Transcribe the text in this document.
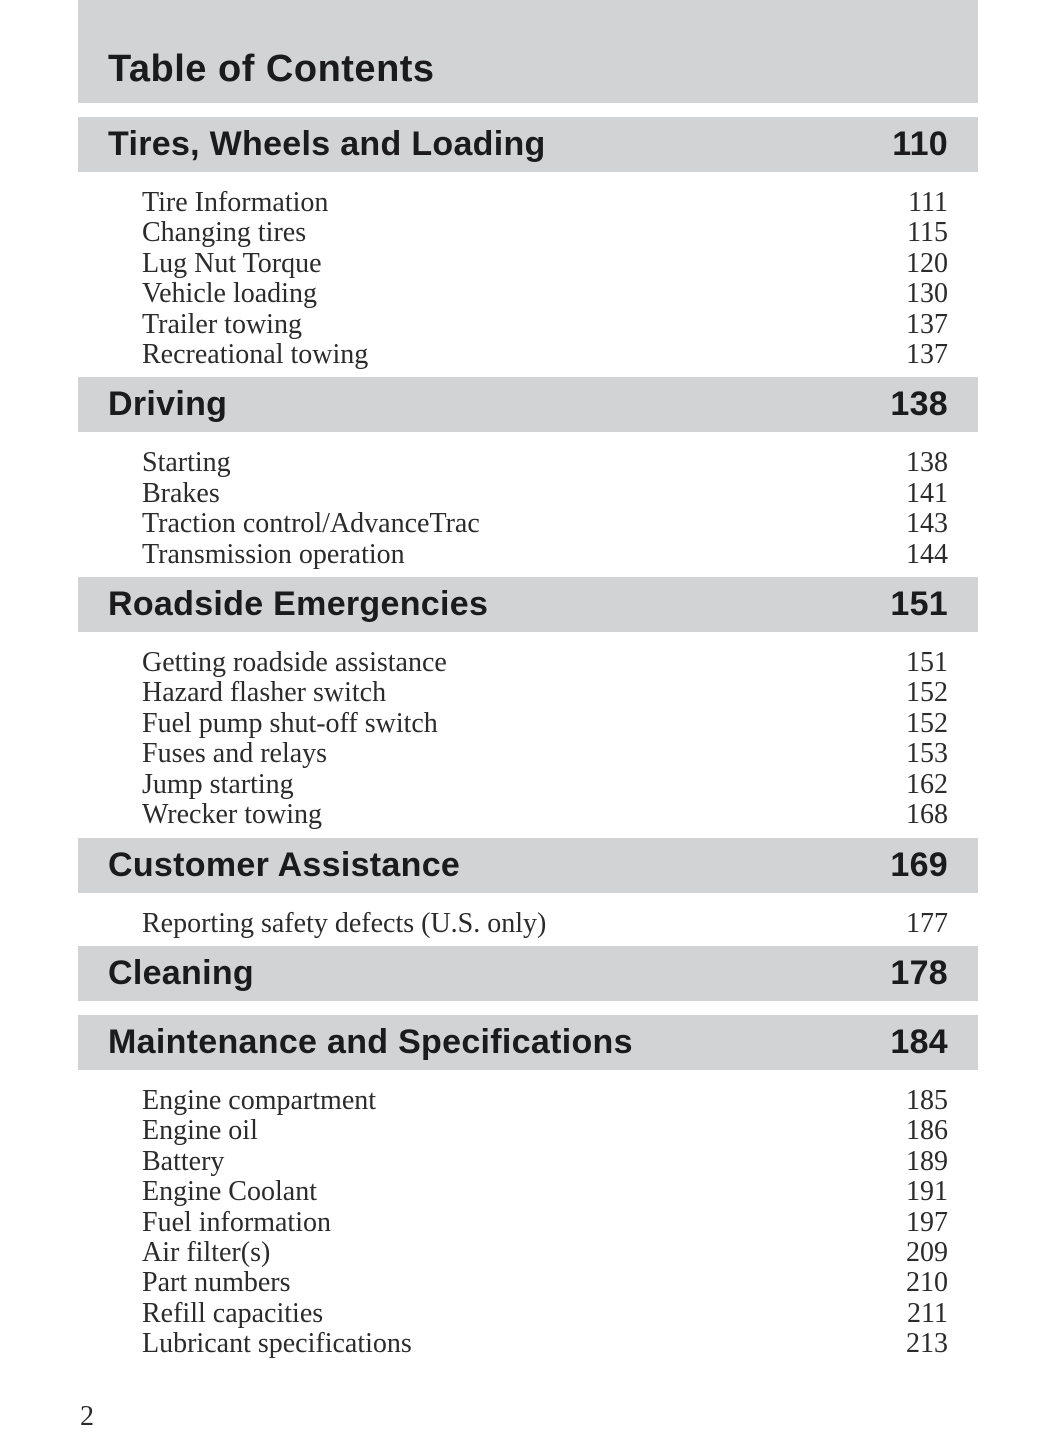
Table of Contents
Tires, Wheels and Loading	110
Tire Information	111
Changing tires	115
Lug Nut Torque	120
Vehicle loading	130
Trailer towing	137
Recreational towing	137
Driving	138
Starting	138
Brakes	141
Traction control/AdvanceTrac	143
Transmission operation	144
Roadside Emergencies	151
Getting roadside assistance	151
Hazard flasher switch	152
Fuel pump shut-off switch	152
Fuses and relays	153
Jump starting	162
Wrecker towing	168
Customer Assistance	169
Reporting safety defects (U.S. only)	177
Cleaning	178
Maintenance and Specifications	184
Engine compartment	185
Engine oil	186
Battery	189
Engine Coolant	191
Fuel information	197
Air filter(s)	209
Part numbers	210
Refill capacities	211
Lubricant specifications	213
2
